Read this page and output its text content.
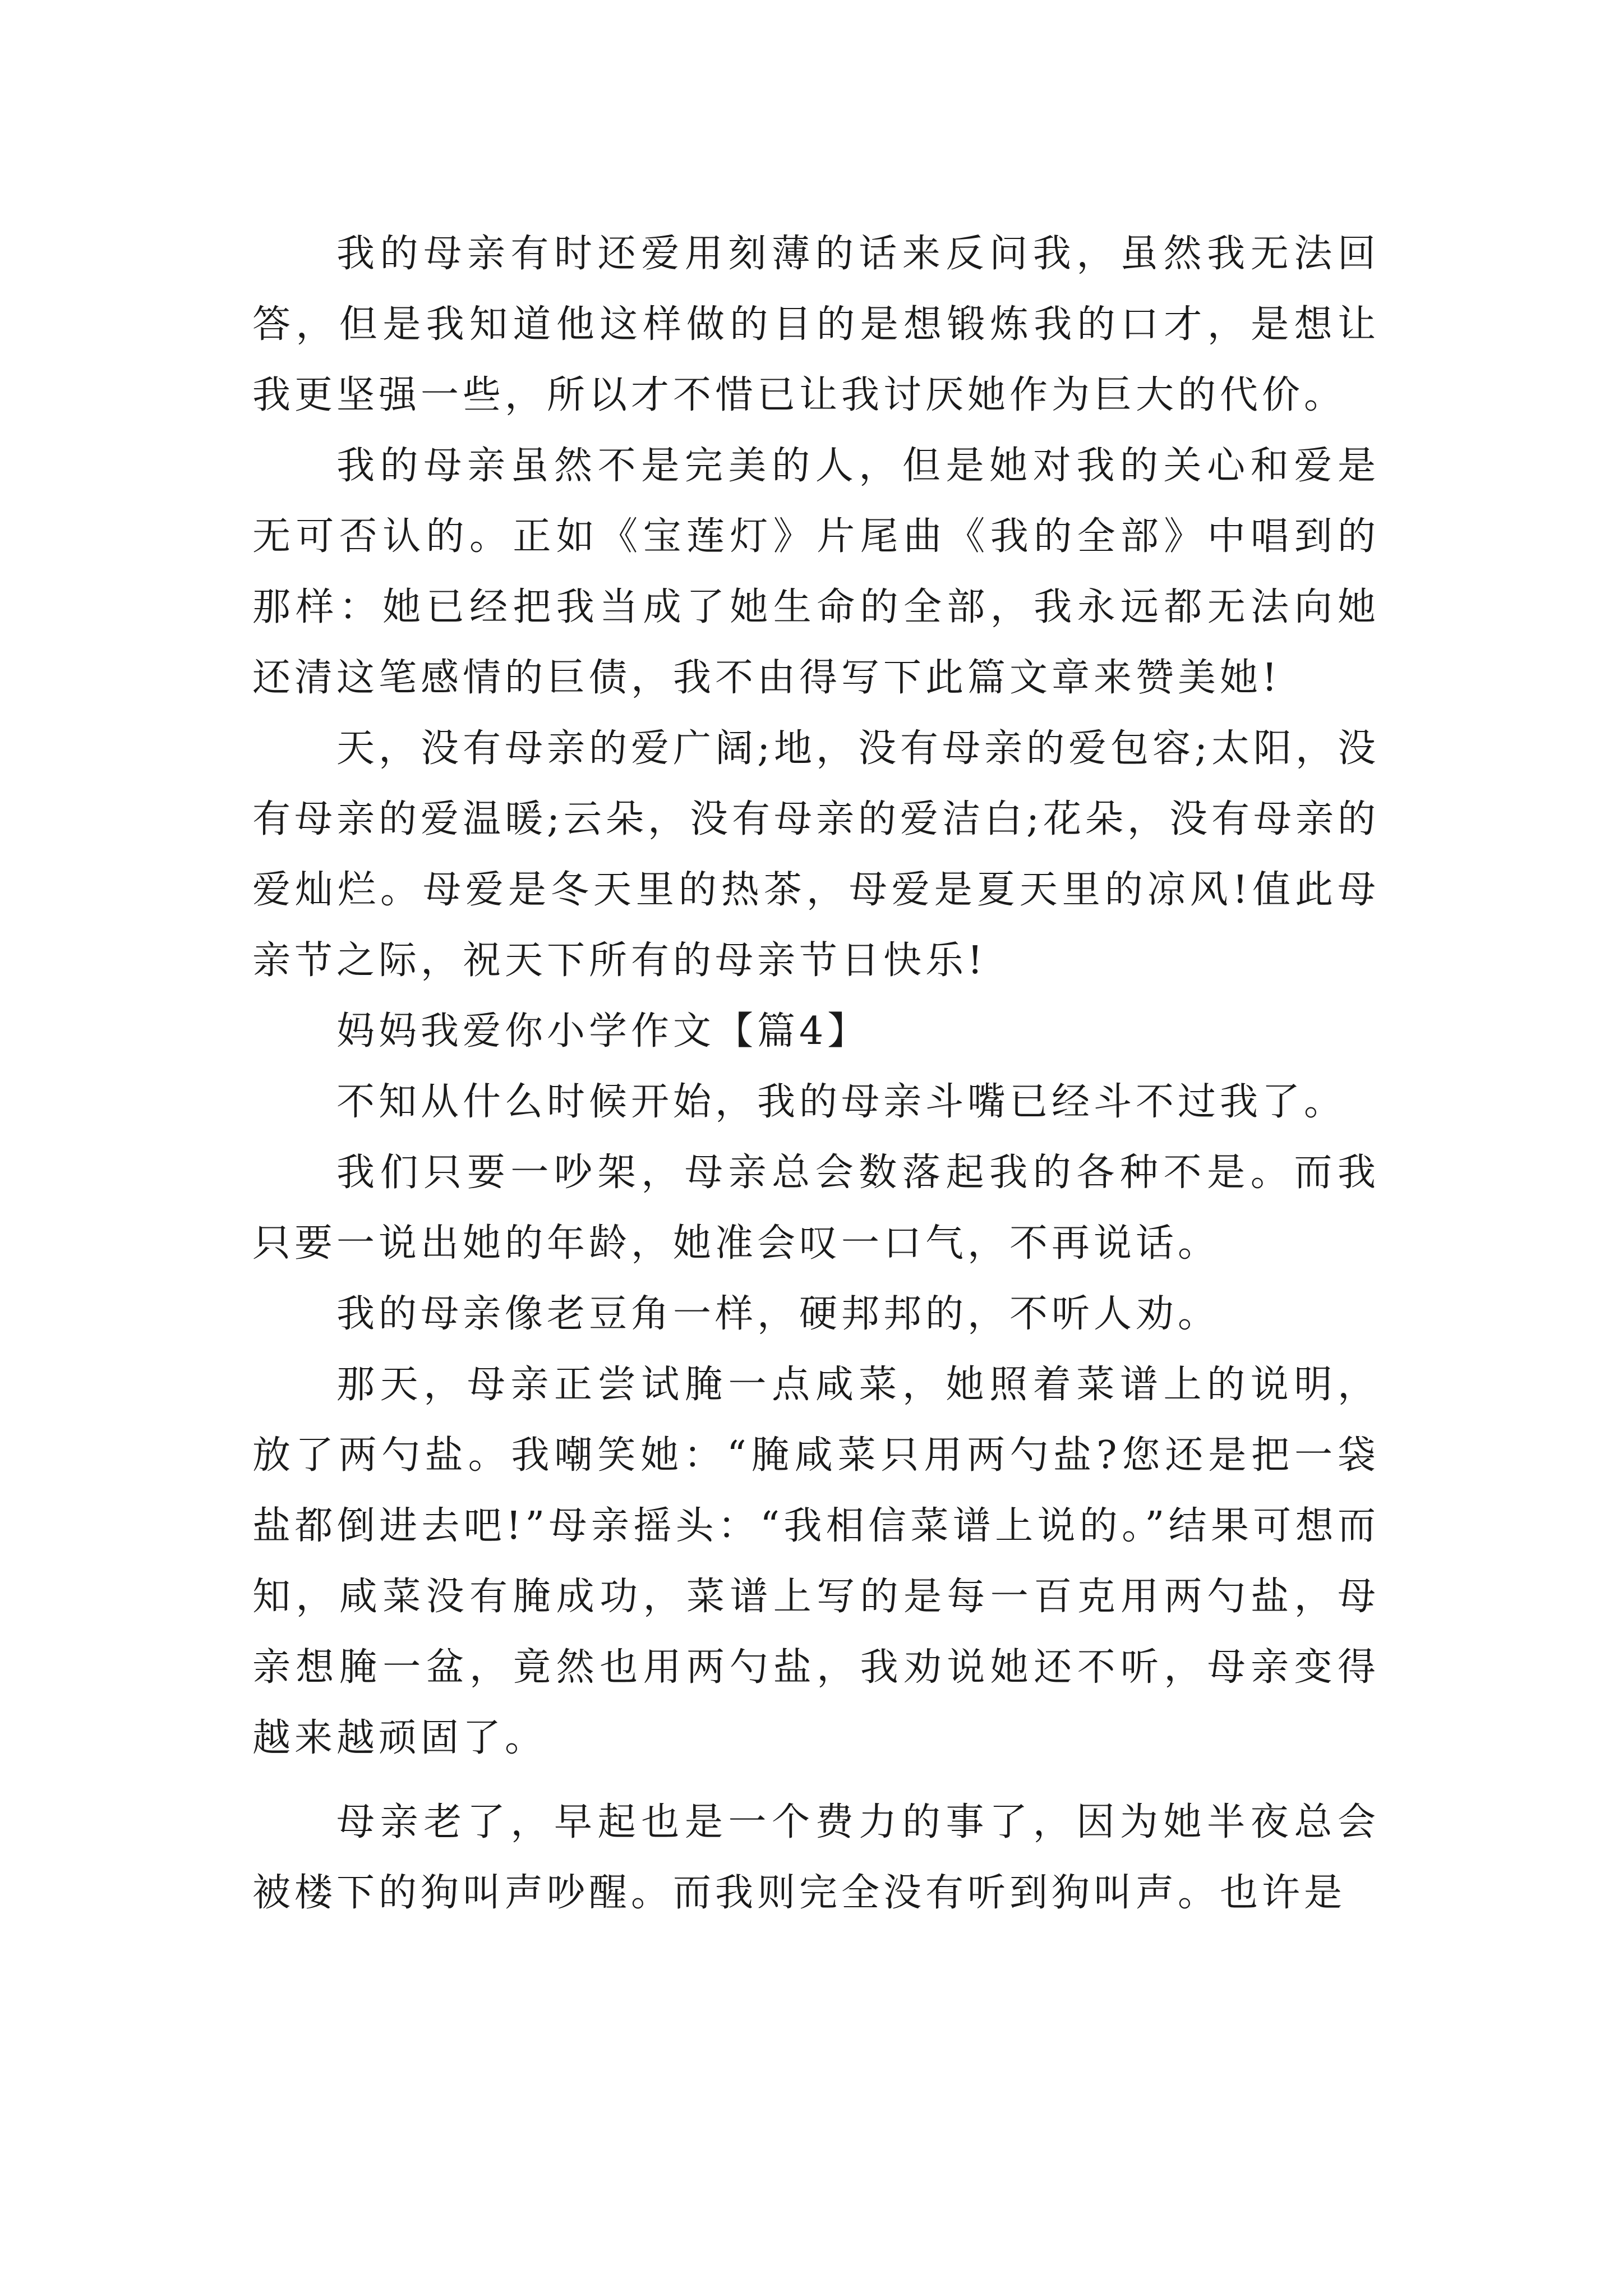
我的母亲有时还爱用刻薄的话来反问我，虽然我无法回答，但是我知道他这样做的目的是想锻炼我的口才，是想让我更坚强一些，所以才不惜已让我讨厌她作为巨大的代价。

我的母亲虽然不是完美的人，但是她对我的关心和爱是无可否认的。正如《宝莲灯》片尾曲《我的全部》中唱到的那样：她已经把我当成了她生命的全部，我永远都无法向她还清这笔感情的巨债，我不由得写下此篇文章来赞美她!

天，没有母亲的爱广阔;地，没有母亲的爱包容;太阳，没有母亲的爱温暖;云朵，没有母亲的爱洁白;花朵，没有母亲的爱灿烂。母爱是冬天里的热茶，母爱是夏天里的凉风!值此母亲节之际，祝天下所有的母亲节日快乐!

妈妈我爱你小学作文【篇4】

不知从什么时候开始，我的母亲斗嘴已经斗不过我了。

我们只要一吵架，母亲总会数落起我的各种不是。而我只要一说出她的年龄，她准会叹一口气，不再说话。

我的母亲像老豆角一样，硬邦邦的，不听人劝。

那天，母亲正尝试腌一点咸菜，她照着菜谱上的说明，放了两勺盐。我嘲笑她：“腌咸菜只用两勺盐?您还是把一袋盐都倒进去吧!”母亲摇头：“我相信菜谱上说的。”结果可想而知，咸菜没有腌成功，菜谱上写的是每一百克用两勺盐，母亲想腌一盆，竟然也用两勺盐，我劝说她还不听，母亲变得越来越顽固了。

母亲老了，早起也是一个费力的事了，因为她半夜总会被楼下的狗叫声吵醒。而我则完全没有听到狗叫声。也许是
